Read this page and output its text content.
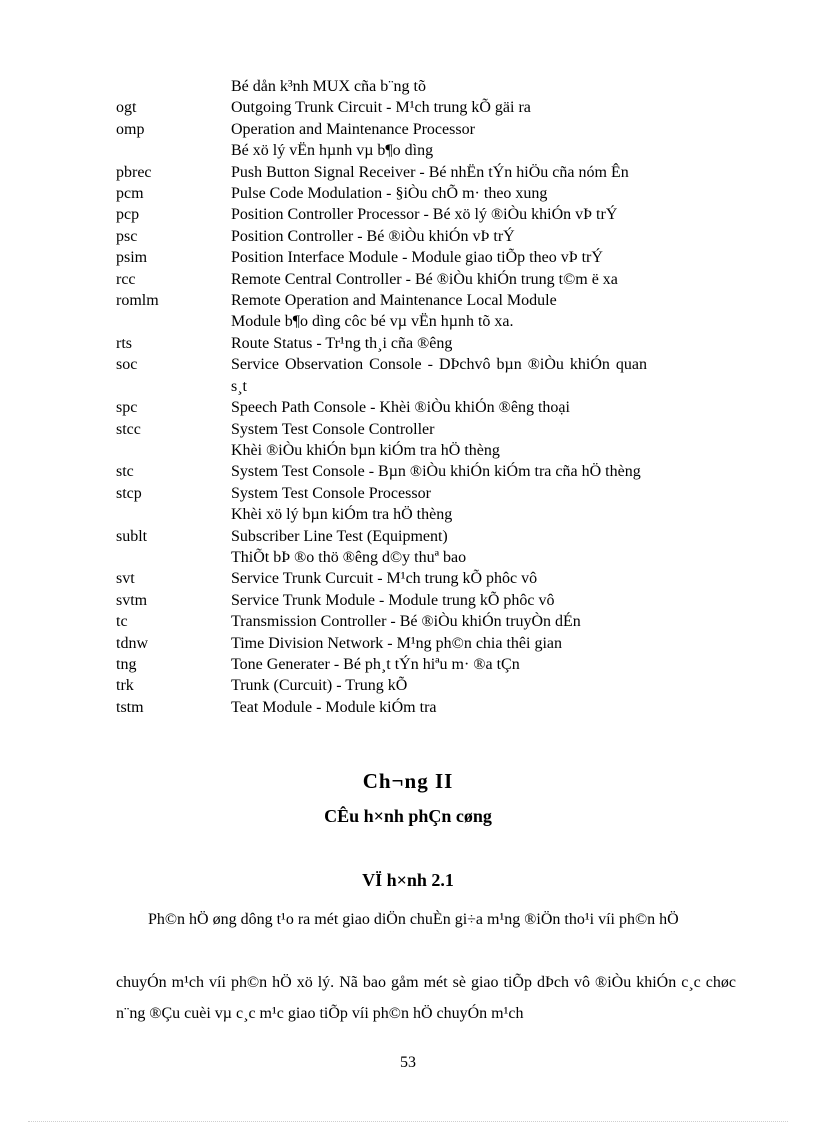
Bé dån k³nh MUX cña b¨ng tõ
ogt	Outgoing Trunk Circuit - M¹ch trung kÕ gäi ra
omp	Operation and Maintenance Processor
Bé xö lý vËn hµnh vµ b¶o dìng
pbrec	Push Button Signal Receiver - Bé nhËn tÝn hiÖu cña nóm Ên
pcm	Pulse Code Modulation - §iÒu chÕ m· theo xung
pcp	Position Controller Processor - Bé xö lý ®iÒu khiÓn vÞ trÝ
psc	Position Controller - Bé ®iÒu khiÓn vÞ trÝ
psim	Position Interface Module - Module giao tiÕp theo vÞ trÝ
rcc	Remote Central Controller - Bé ®iÒu khiÓn trung t©m ë xa
romlm	Remote Operation and Maintenance Local Module
Module b¶o dìng côc bé vµ vËn hµnh tõ xa.
rts	Route Status - Tr¹ng th¸i cña ®êng
soc	Service Observation Console - DÞchvô bµn ®iÒu khiÓn quan
s¸t
spc	Speech Path Console - Khèi ®iÒu khiÓn ®êng thoại
stcc	System Test Console Controller
Khèi ®iÒu khiÓn bµn kiÓm tra hÖ thèng
stc	System Test Console - Bµn ®iÒu khiÓn kiÓm tra cña hÖ thèng
stcp	System Test Console Processor
Khèi xö lý bµn kiÓm tra hÖ thèng
sublt	Subscriber Line Test (Equipment)
ThiÕt bÞ ®o thö ®êng d©y thuª bao
svt	Service Trunk Curcuit - M¹ch trung kÕ phôc vô
svtm	Service Trunk Module - Module trung kÕ phôc vô
tc	Transmission Controller - Bé ®iÒu khiÓn truyÒn dÉn
tdnw	Time Division Network - M¹ng ph©n chia thêi gian
tng	Tone Generater - Bé ph¸t tÝn hiªu m· ®a tÇn
trk	Trunk (Curcuit) - Trung kÕ
tstm	Teat Module - Module kiÓm tra
Ch¬ng II
CÊu h×nh phÇn cøng
VÏ h×nh 2.1
Ph©n hÖ øng dông t¹o ra mét giao diÖn chuÈn gi÷a m¹ng ®iÖn tho¹i víi ph©n hÖ
chuyÓn m¹ch víi ph©n hÖ xö lý. Nã bao gåm mét sè giao tiÕp dÞch vô ®iÒu khiÓn c¸c chøc n¨ng ®Çu cuèi vµ c¸c m¹c giao tiÕp víi ph©n hÖ chuyÓn m¹ch
53
